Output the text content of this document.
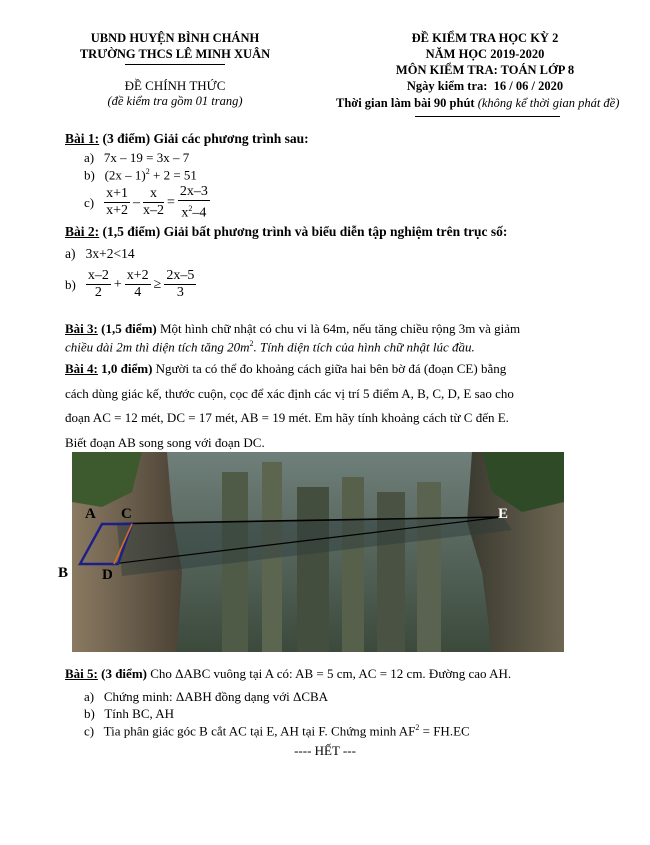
UBND HUYỆN BÌNH CHÁNH
TRƯỜNG THCS LÊ MINH XUÂN
ĐỀ CHÍNH THỨC
(đề kiểm tra gồm 01 trang)
ĐỀ KIỂM TRA HỌC KỲ 2
NĂM HỌC 2019-2020
MÔN KIỂM TRA: TOÁN LỚP 8
Ngày kiểm tra: 16 / 06 / 2020
Thời gian làm bài 90 phút (không kể thời gian phát đề)
Bài 1: (3 điểm) Giải các phương trình sau:
a) 7x – 19 = 3x – 7
b) (2x – 1)$^2$ + 2 = 51
$c) \frac{x+1}{x+2} - \frac{x}{x-2} = \frac{2x-3}{x^2-4}$
Bài 2: (1,5 điểm) Giải bất phương trình và biểu diễn tập nghiệm trên trục số:
a) 3x+2<14
$b) \frac{x-2}{2} + \frac{x+2}{4} \ge \frac{2x-5}{3}$
Bài 3: (1,5 điểm) Một hình chữ nhật có chu vi là 64m, nếu tăng chiều rộng 3m và giảm
chiều dài 2m thì diện tích tăng $20m^2$. Tính diện tích của hình chữ nhật lúc đầu.
Bài 4: 1,0 điểm) Người ta có thể đo khoảng cách giữa hai bên bờ đá (đoạn CE) bằng
cách dùng giác kế, thước cuộn, cọc để xác định các vị trí 5 điểm A, B, C, D, E sao cho
đoạn AC = 12 mét, DC = 17 mét, AB = 19 mét. Em hãy tính khoảng cách từ C đến E.
Biết đoạn AB song song với đoạn DC.
A C	E
B D
Bài 5: (3 điểm) Cho ΔABC vuông tại A có: AB = 5 cm, AC = 12 cm. Đường cao AH.
a) Chứng minh: ΔABH đồng dạng với ΔCBA
b) Tính BC, AH
c) Tia phân giác góc B cắt AC tại E, AH tại F. Chứng minh $AF^2 = FH.EC$
---- HẾT ---
